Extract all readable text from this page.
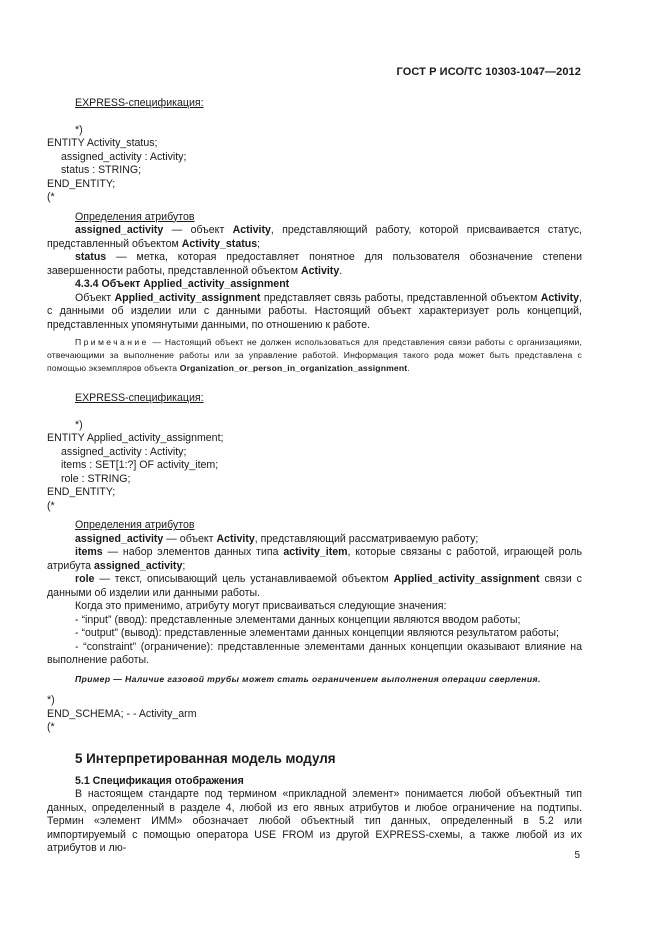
ГОСТ Р ИСО/ТС 10303-1047—2012

EXPRESS-спецификация:

*)

ENTITY Activity_status;

assigned_activity : Activity;

status : STRING;

END_ENTITY;

(*

Определения атрибутов

assigned_activity — объект Activity, представляющий работу, которой присваивается статус, представленный объектом Activity_status;

status — метка, которая предоставляет понятное для пользователя обозначение степени завершенности работы, представленной объектом Activity.

4.3.4 Объект Applied_activity_assignment

Объект Applied_activity_assignment представляет связь работы, представленной объектом Activity, с данными об изделии или с данными работы. Настоящий объект характеризует роль концепций, представленных упомянутыми данными, по отношению к работе.

Примечание — Настоящий объект не должен использоваться для представления связи работы с организациями, отвечающими за выполнение работы или за управление работой. Информация такого рода может быть представлена с помощью экземпляров объекта Organization_or_person_in_organization_assignment.

EXPRESS-спецификация:

*)

ENTITY Applied_activity_assignment;

assigned_activity : Activity;

items : SET[1:?] OF activity_item;

role : STRING;

END_ENTITY;

(*

Определения атрибутов

assigned_activity — объект Activity, представляющий рассматриваемую работу;

items — набор элементов данных типа activity_item, которые связаны с работой, играющей роль атрибута assigned_activity;

role — текст, описывающий цель устанавливаемой объектом Applied_activity_assignment связи с данными об изделии или данными работы.

Когда это применимо, атрибуту могут присваиваться следующие значения:

- “input” (ввод): представленные элементами данных концепции являются вводом работы;

- “output” (вывод): представленные элементами данных концепции являются результатом работы;

- “constraint” (ограничение): представленные элементами данных концепции оказывают влияние на выполнение работы.

Пример — Наличие газовой трубы может стать ограничением выполнения операции сверления.

*)

END_SCHEMA; - - Activity_arm

(*

5 Интерпретированная модель модуля

5.1 Спецификация отображения

В настоящем стандарте под термином «прикладной элемент» понимается любой объектный тип данных, определенный в разделе 4, любой из его явных атрибутов и любое ограничение на подтипы. Термин «элемент ИММ» обозначает любой объектный тип данных, определенный в 5.2 или импортируемый с помощью оператора USE FROM из другой EXPRESS-схемы, а также любой из их атрибутов и лю-

5
